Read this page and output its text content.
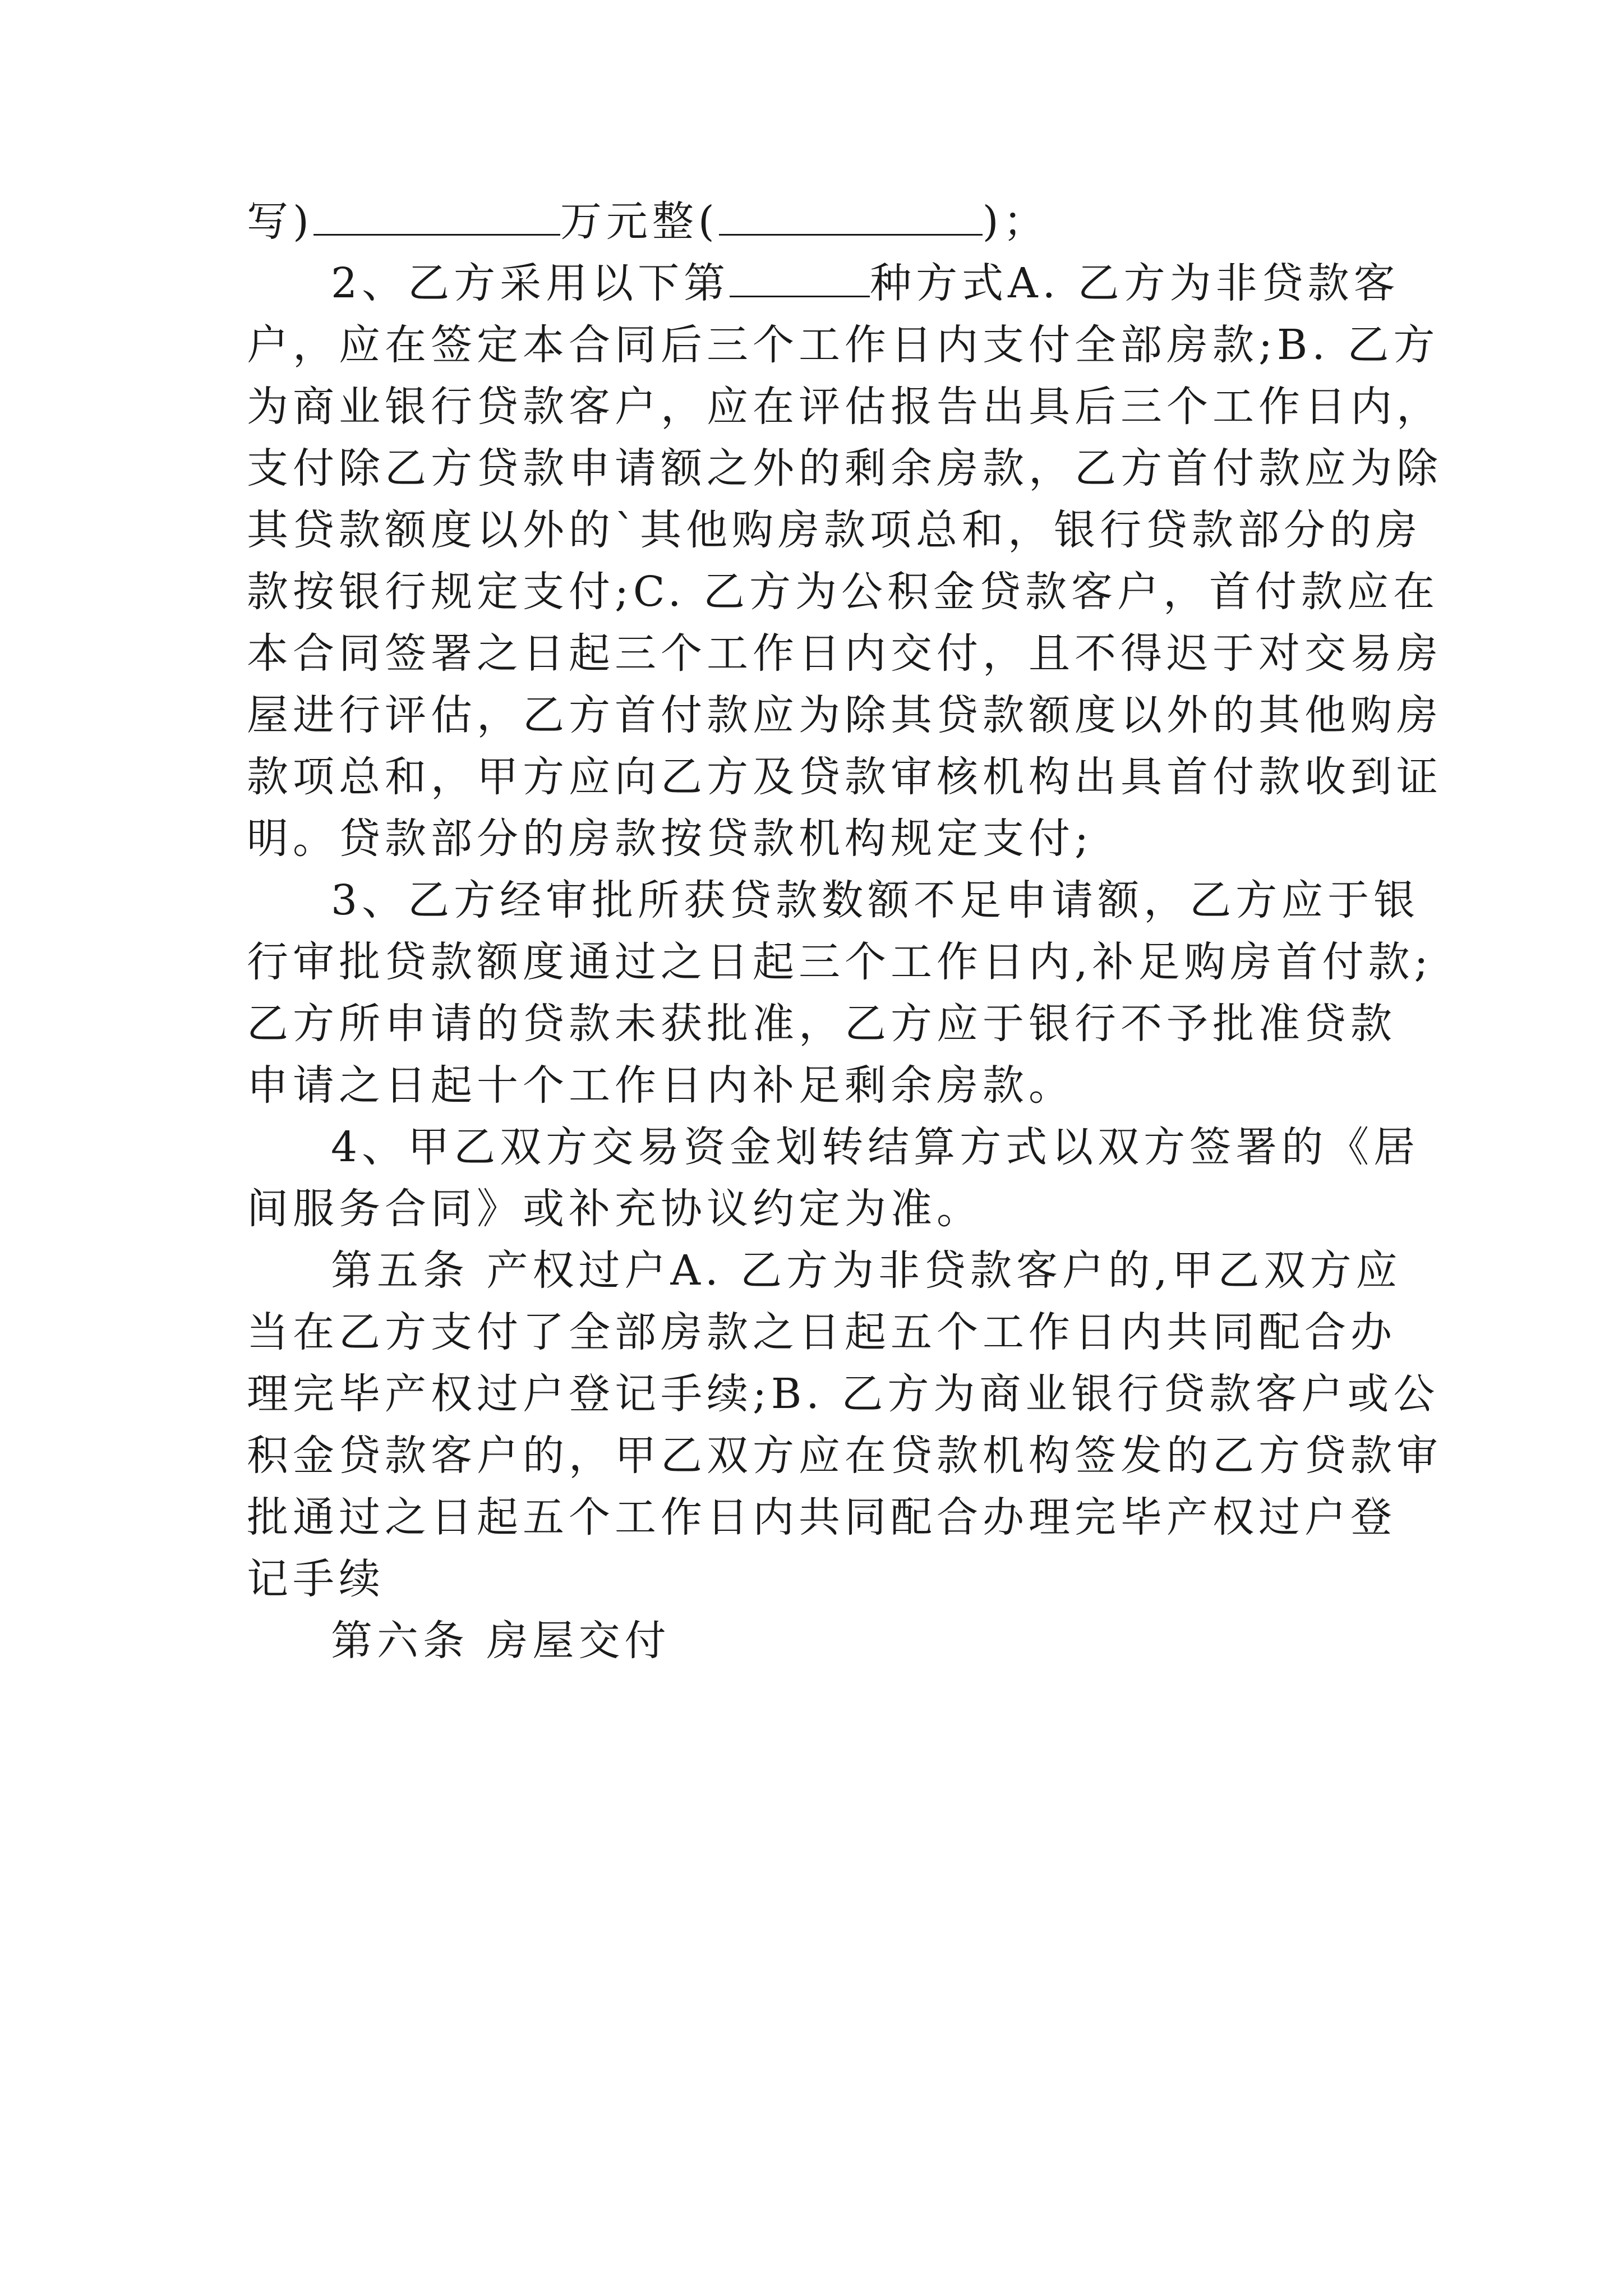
写)	万元整(	)；
2、乙方采用以下第	种方式A. 乙方为非贷款客
户，应在签定本合同后三个工作日内支付全部房款;B. 乙方
为商业银行贷款客户，应在评估报告出具后三个工作日内，
支付除乙方贷款申请额之外的剩余房款，乙方首付款应为除
其贷款额度以外的`其他购房款项总和，银行贷款部分的房
款按银行规定支付;C. 乙方为公积金贷款客户，首付款应在
本合同签署之日起三个工作日内交付，且不得迟于对交易房
屋进行评估，乙方首付款应为除其贷款额度以外的其他购房
款项总和，甲方应向乙方及贷款审核机构出具首付款收到证
明。贷款部分的房款按贷款机构规定支付;
3、乙方经审批所获贷款数额不足申请额，乙方应于银
行审批贷款额度通过之日起三个工作日内,补足购房首付款;
乙方所申请的贷款未获批准，乙方应于银行不予批准贷款
申请之日起十个工作日内补足剩余房款。
4、甲乙双方交易资金划转结算方式以双方签署的《居
间服务合同》或补充协议约定为准。
第五条 产权过户A. 乙方为非贷款客户的,甲乙双方应
当在乙方支付了全部房款之日起五个工作日内共同配合办
理完毕产权过户登记手续;B. 乙方为商业银行贷款客户或公
积金贷款客户的，甲乙双方应在贷款机构签发的乙方贷款审
批通过之日起五个工作日内共同配合办理完毕产权过户登
记手续
第六条 房屋交付
